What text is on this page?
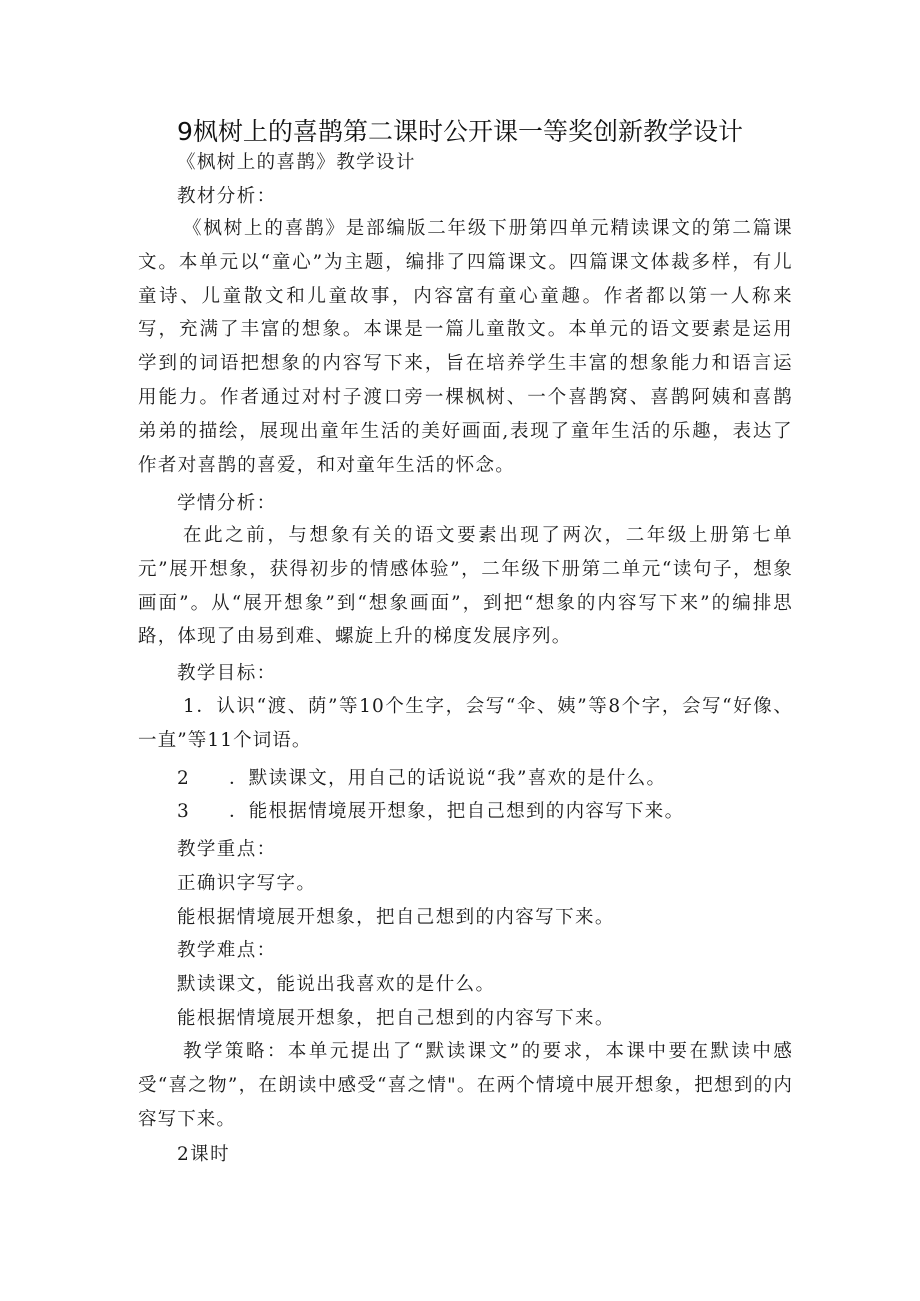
9枫树上的喜鹊第二课时公开课一等奖创新教学设计
《枫树上的喜鹊》教学设计
教材分析：
《枫树上的喜鹊》是部编版二年级下册第四单元精读课文的第二篇课文。本单元以“童心”为主题，编排了四篇课文。四篇课文体裁多样，有儿童诗、儿童散文和儿童故事，内容富有童心童趣。作者都以第一人称来写，充满了丰富的想象。本课是一篇儿童散文。本单元的语文要素是运用学到的词语把想象的内容写下来，旨在培养学生丰富的想象能力和语言运用能力。作者通过对村子渡口旁一棵枫树、一个喜鹊窝、喜鹊阿姨和喜鹊弟弟的描绘，展现出童年生活的美好画面,表现了童年生活的乐趣，表达了作者对喜鹊的喜爱，和对童年生活的怀念。
学情分析：
在此之前，与想象有关的语文要素出现了两次，二年级上册第七单元”展开想象，获得初步的情感体验”，二年级下册第二单元“读句子，想象画面”。从“展开想象”到“想象画面”，到把“想象的内容写下来”的编排思路，体现了由易到难、螺旋上升的梯度发展序列。
教学目标：
1．认识“渡、荫”等10个生字，会写“伞、姨”等8个字，会写“好像、一直”等11个词语。
2 ．默读课文，用自己的话说说“我”喜欢的是什么。
3 ．能根据情境展开想象，把自己想到的内容写下来。
教学重点：
正确识字写字。
能根据情境展开想象，把自己想到的内容写下来。
教学难点：
默读课文，能说出我喜欢的是什么。
能根据情境展开想象，把自己想到的内容写下来。
教学策略：本单元提出了“默读课文”的要求，本课中要在默读中感受“喜之物”，在朗读中感受“喜之情"。在两个情境中展开想象，把想到的内容写下来。
2课时
